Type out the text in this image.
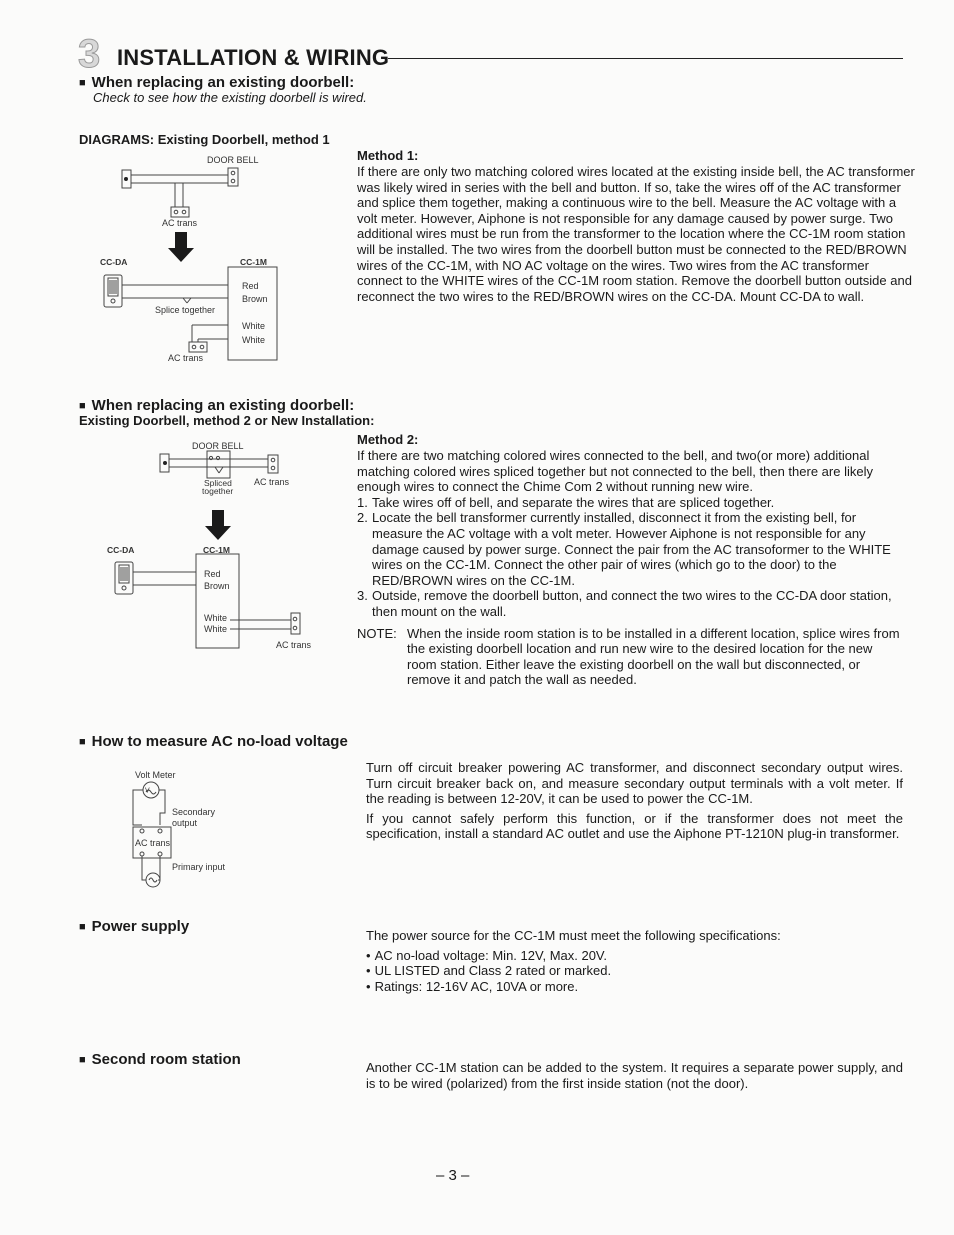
3 INSTALLATION & WIRING
■ When replacing an existing doorbell:
Check to see how the existing doorbell is wired.
DIAGRAMS: Existing Doorbell, method 1
DOOR BELL
AC trans
CC-DA	CC-1M
Red
Brown
Splice together
White
White
AC trans
Method 1:

If there are only two matching colored wires located at the existing inside bell, the AC transformer was likely wired in series with the bell and button. If so, take the wires off of the AC transformer and splice them together, making a continuous wire to the bell. Measure the AC voltage with a volt meter. However, Aiphone is not responsible for any damage caused by power surge. Two additional wires must be run from the transformer to the location where the CC-1M room station will be installed. The two wires from the doorbell button must be connected to the RED/BROWN wires of the CC-1M, with NO AC voltage on the wires. Two wires from the AC transformer connect to the WHITE wires of the CC-1M room station. Remove the doorbell button outside and reconnect the two wires to the RED/BROWN wires on the CC-DA. Mount CC-DA to wall.

■ When replacing an existing doorbell:
Existing Doorbell, method 2 or New Installation:
DOOR BELL
Spliced
together
AC trans
CC-DA	CC-1M
Red
Brown
White
White
AC trans
Method 2:

If there are two matching colored wires connected to the bell, and two(or more) additional matching colored wires spliced together but not connected to the bell, then there are likely enough wires to connect the Chime Com 2 without running new wire.

1. Take wires off of bell, and separate the wires that are spliced together.
2. Locate the bell transformer currently installed, disconnect it from the existing bell, for measure the AC voltage with a volt meter. However Aiphone is not responsible for any damage caused by power surge. Connect the pair from the AC transoformer to the WHITE wires on the CC-1M. Connect the other pair of wires (which go to the door) to the RED/BROWN wires on the CC-1M.
3. Outside, remove the doorbell button, and connect the two wires to the CC-DA door station, then mount on the wall.
NOTE: When the inside room station is to be installed in a different location, splice wires from the existing doorbell location and run new wire to the desired location for the new room station. Either leave the existing doorbell on the wall but disconnected, or remove it and patch the wall as needed.
■ How to measure AC no-load voltage
V
Volt Meter
Secondary
output
AC trans
Primary input

Turn off circuit breaker powering AC transformer, and disconnect secondary output wires. Turn circuit breaker back on, and measure secondary output terminals with a volt meter. If the reading is between 12-20V, it can be used to power the CC-1M.

If you cannot safely perform this function, or if the transformer does not meet the specification, install a standard AC outlet and use the Aiphone PT-1210N plug-in transformer.

■ Power supply

The power source for the CC-1M must meet the following specifications:

• AC no-load voltage: Min. 12V, Max. 20V.
• UL LISTED and Class 2 rated or marked.
• Ratings: 12-16V AC, 10VA or more.
■ Second room station	Another CC-1M station can be added to the system. It requires a separate power supply, and is to be wired (polarized) from the first inside station (not the door).
– 3 –
